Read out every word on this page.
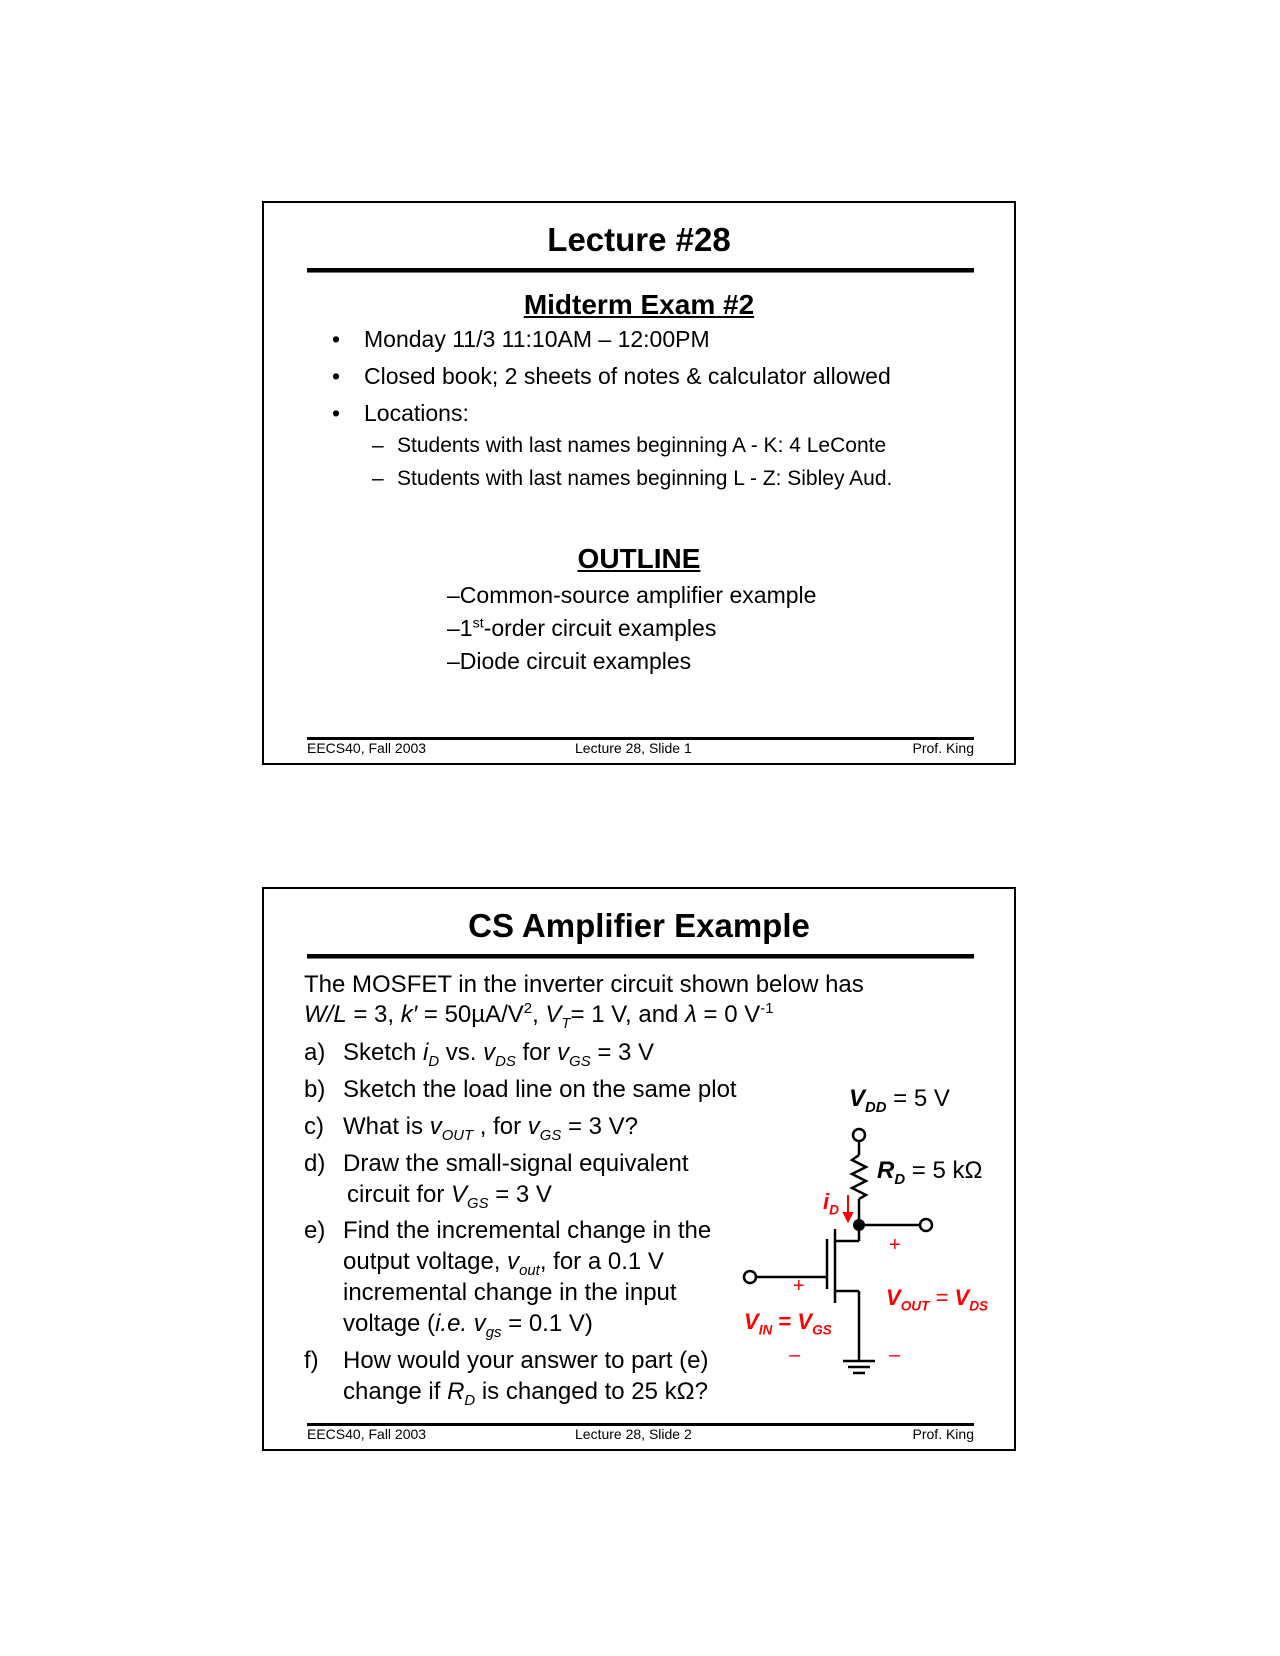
Lecture #28
Midterm Exam #2
• Monday 11/3 11:10AM – 12:00PM
• Closed book; 2 sheets of notes & calculator allowed
• Locations:
– Students with last names beginning A - K: 4 LeConte
– Students with last names beginning L - Z: Sibley Aud.
OUTLINE
–Common-source amplifier example
–1st-order circuit examples
–Diode circuit examples
EECS40, Fall 2003	Lecture 28, Slide 1	Prof. King
CS Amplifier Example
The MOSFET in the inverter circuit shown below has
W/L = 3, $k' = 50\mu A/V^2$, $V_T= 1$ V, and λ = 0 $V^{-1}$
a) Sketch $i_D$ vs. $v_{DS}$ for $v_{GS} = 3$ V
b) Sketch the load line on the same plot
c) What is $v_{OUT}$ , for $v_{GS} = 3$ V?
d) Draw the small-signal equivalent
circuit for $V_{GS} = 3$ V
e) Find the incremental change in the
output voltage, $v_{out}$, for a 0.1 V
incremental change in the input
voltage (i.e. $v_{gs} = 0.1$ V)
f) How would your answer to part (e)
change if $R_D$ is changed to 25 kΩ?
$V_{DD} = 5$ V
$R_D = 5$ kΩ
$i_D$
+
+	$V_{OUT} = V_{DS}$
$V_{IN} = V_{GS}$
–	–
EECS40, Fall 2003	Lecture 28, Slide 2	Prof. King
